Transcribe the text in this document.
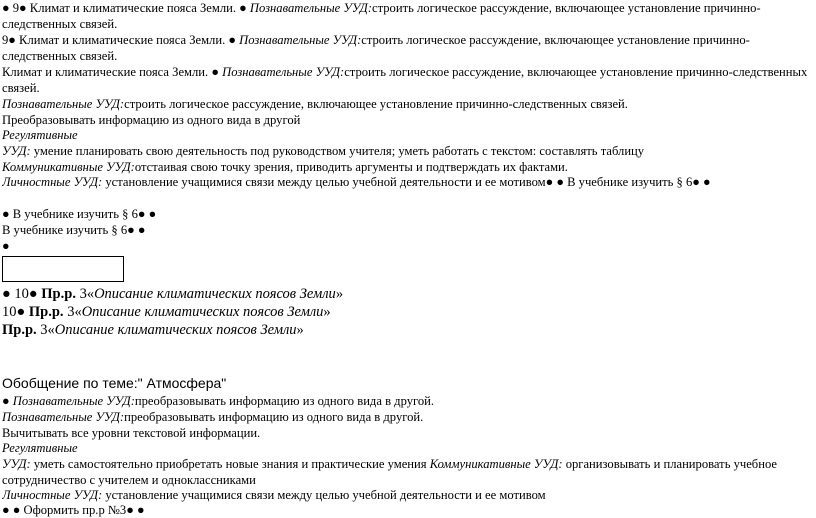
● 9● Климат и климатические пояса Земли. ● Познавательные УУД:строить логическое рассуждение, включающее установление причинно-следственных связей.
9● Климат и климатические пояса Земли. ● Познавательные УУД:строить логическое рассуждение, включающее установление причинно-следственных связей.
Климат и климатические пояса Земли. ● Познавательные УУД:строить логическое рассуждение, включающее установление причинно-следственных связей.
Познавательные УУД:строить логическое рассуждение, включающее установление причинно-следственных связей.
Преобразовывать информацию из одного вида в другой
Регулятивные
УУД: умение планировать свою деятельность под руководством учителя; уметь работать с текстом: составлять таблицу
Коммуникативные УУД:отстаивая свою точку зрения, приводить аргументы и подтверждать их фактами.
Личностные УУД: установление учащимися связи между целью учебной деятельности и ее мотивом● ● В учебнике изучить § 6● ●
● В учебнике изучить § 6● ●
В учебнике изучить § 6● ●
●
● 10● Пр.р. 3«Описание климатических поясов Земли»
10● Пр.р. 3«Описание климатических поясов Земли»
Пр.р. 3«Описание климатических поясов Земли»
Обобщение по теме:" Атмосфера"
● Познавательные УУД:преобразовывать информацию из одного вида в другой.
Познавательные УУД:преобразовывать информацию из одного вида в другой.
Вычитывать все уровни текстовой информации.
Регулятивные
УУД: уметь самостоятельно приобретать новые знания и практические умения Коммуникативные УУД: организовывать и планировать учебное сотрудничество с учителем и одноклассниками
Личностные УУД: установление учащимися связи между целью учебной деятельности и ее мотивом
● ● Оформить пр.р №3● ●
